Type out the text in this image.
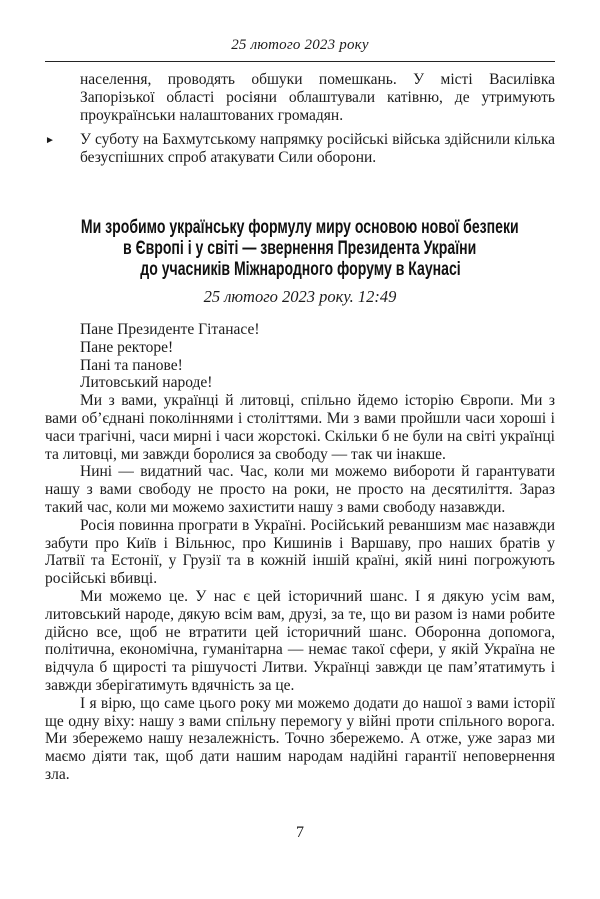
25 лютого 2023 року

населення, проводять обшуки помешкань. У місті Василівка Запорізької області росіяни облаштували катівню, де утримують проукраїнськи налаштованих громадян.

►	У суботу на Бахмутському напрямку російські війська здійснили кілька безуспішних спроб атакувати Сили оборони.

Ми зробимо українську формулу миру основою нової безпеки
в Європі і у світі — звернення Президента України
до учасників Міжнародного форуму в Каунасі
25 лютого 2023 року. 12:49

Пане Президенте Гітанасе!

Пане ректоре!

Пані та панове!

Литовський народе!

Ми з вами, українці й литовці, спільно йдемо історію Європи. Ми з вами об’єднані поколіннями і століттями. Ми з вами пройшли часи хороші і часи трагічні, часи мирні і часи жорстокі. Скільки б не були на світі українці та литовці, ми завжди боролися за свободу — так чи інакше.

Нині — видатний час. Час, коли ми можемо вибороти й гарантувати нашу з вами свободу не просто на роки, не просто на десятиліття. Зараз такий час, коли ми можемо захистити нашу з вами свободу назавжди.

Росія повинна програти в Україні. Російський реваншизм має назавжди забути про Київ і Вільнюс, про Кишинів і Варшаву, про наших братів у Латвії та Естонії, у Грузії та в кожній іншій країні, якій нині погрожують російські вбивці.

Ми можемо це. У нас є цей історичний шанс. І я дякую усім вам, литовський народе, дякую всім вам, друзі, за те, що ви разом із нами робите дійсно все, щоб не втратити цей історичний шанс. Оборонна допомога, політична, економічна, гуманітарна — немає такої сфери, у якій Україна не відчула б щирості та рішучості Литви. Українці завжди це пам’ятатимуть і завжди зберігатимуть вдячність за це.

І я вірю, що саме цього року ми можемо додати до нашої з вами історії ще одну віху: нашу з вами спільну перемогу у війні проти спільного ворога. Ми збережемо нашу незалежність. Точно збережемо. А отже, уже зараз ми маємо діяти так, щоб дати нашим народам надійні гарантії неповернення зла.

7
